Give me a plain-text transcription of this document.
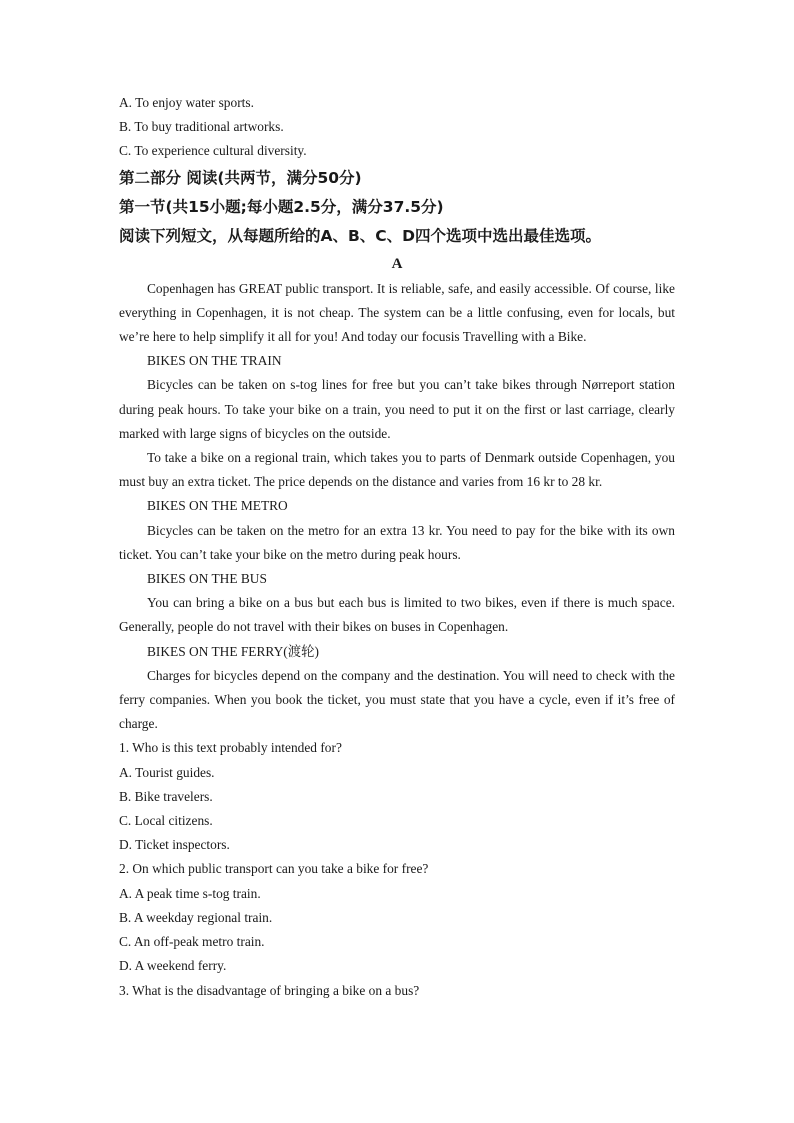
A. To enjoy water sports.

B. To buy traditional artworks.

C. To experience cultural diversity.

第二部分 阅读(共两节，满分50分)

第一节(共15小题;每小题2.5分，满分37.5分)

阅读下列短文，从每题所给的A、B、C、D四个选项中选出最佳选项。

A

Copenhagen has GREAT public transport. It is reliable, safe, and easily accessible. Of course, like everything in Copenhagen, it is not cheap. The system can be a little confusing, even for locals, but we’re here to help simplify it all for you! And today our focusis Travelling with a Bike.

BIKES ON THE TRAIN

Bicycles can be taken on s-tog lines for free but you can’t take bikes through Nørreport station during peak hours. To take your bike on a train, you need to put it on the first or last carriage, clearly marked with large signs of bicycles on the outside.

To take a bike on a regional train, which takes you to parts of Denmark outside Copenhagen, you must buy an extra ticket. The price depends on the distance and varies from 16 kr to 28 kr.

BIKES ON THE METRO

Bicycles can be taken on the metro for an extra 13 kr. You need to pay for the bike with its own ticket. You can’t take your bike on the metro during peak hours.

BIKES ON THE BUS

You can bring a bike on a bus but each bus is limited to two bikes, even if there is much space. Generally, people do not travel with their bikes on buses in Copenhagen.

BIKES ON THE FERRY(渡轮)

Charges for bicycles depend on the company and the destination. You will need to check with the ferry companies. When you book the ticket, you must state that you have a cycle, even if it’s free of charge.

1. Who is this text probably intended for?

A. Tourist guides.

B. Bike travelers.

C. Local citizens.

D. Ticket inspectors.

2. On which public transport can you take a bike for free?

A. A peak time s-tog train.

B. A weekday regional train.

C. An off-peak metro train.

D. A weekend ferry.

3. What is the disadvantage of bringing a bike on a bus?
